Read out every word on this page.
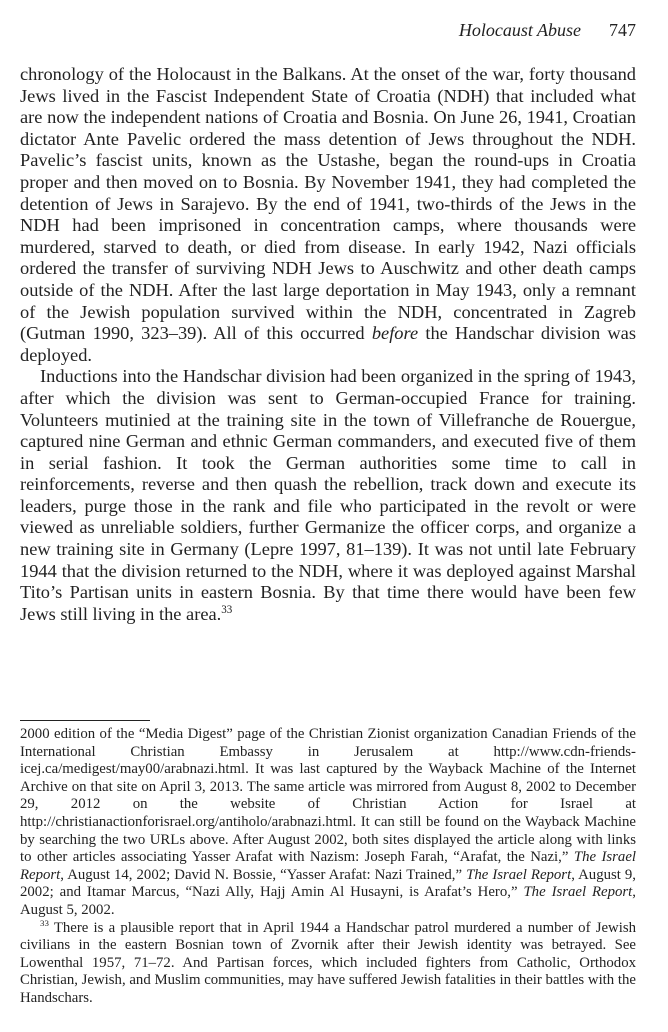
Holocaust Abuse 747

chronology of the Holocaust in the Balkans. At the onset of the war, forty thousand Jews lived in the Fascist Independent State of Croatia (NDH) that included what are now the independent nations of Croatia and Bosnia. On June 26, 1941, Croatian dictator Ante Pavelic ordered the mass detention of Jews throughout the NDH. Pavelic’s fascist units, known as the Ustashe, began the round-ups in Croatia proper and then moved on to Bosnia. By November 1941, they had completed the detention of Jews in Sarajevo. By the end of 1941, two-thirds of the Jews in the NDH had been imprisoned in concentration camps, where thousands were murdered, starved to death, or died from disease. In early 1942, Nazi officials ordered the transfer of surviving NDH Jews to Auschwitz and other death camps outside of the NDH. After the last large deportation in May 1943, only a remnant of the Jewish population survived within the NDH, concentrated in Zagreb (Gutman 1990, 323–39). All of this occurred before the Handschar division was deployed.

Inductions into the Handschar division had been organized in the spring of 1943, after which the division was sent to German-occupied France for training. Volunteers mutinied at the training site in the town of Villefranche de Rouergue, captured nine German and ethnic German commanders, and executed five of them in serial fashion. It took the German authorities some time to call in reinforcements, reverse and then quash the rebellion, track down and execute its leaders, purge those in the rank and file who participated in the revolt or were viewed as unreliable soldiers, further Germanize the officer corps, and organize a new training site in Germany (Lepre 1997, 81–139). It was not until late February 1944 that the division returned to the NDH, where it was deployed against Marshal Tito’s Partisan units in eastern Bosnia. By that time there would have been few Jews still living in the area.$^{33}$

2000 edition of the “Media Digest” page of the Christian Zionist organization Canadian Friends of the International Christian Embassy in Jerusalem at http://www.cdn-friends-icej.ca/medigest/may00/arabnazi.html. It was last captured by the Wayback Machine of the Internet Archive on that site on April 3, 2013. The same article was mirrored from August 8, 2002 to December 29, 2012 on the website of Christian Action for Israel at http://christianactionforisrael.org/antiholo/arabnazi.html. It can still be found on the Wayback Machine by searching the two URLs above. After August 2002, both sites displayed the article along with links to other articles associating Yasser Arafat with Nazism: Joseph Farah, “Arafat, the Nazi,” The Israel Report, August 14, 2002; David N. Bossie, “Yasser Arafat: Nazi Trained,” The Israel Report, August 9, 2002; and Itamar Marcus, “Nazi Ally, Hajj Amin Al Husayni, is Arafat’s Hero,” The Israel Report, August 5, 2002.

$^{33}$ There is a plausible report that in April 1944 a Handschar patrol murdered a number of Jewish civilians in the eastern Bosnian town of Zvornik after their Jewish identity was betrayed. See Lowenthal 1957, 71–72. And Partisan forces, which included fighters from Catholic, Orthodox Christian, Jewish, and Muslim communities, may have suffered Jewish fatalities in their battles with the Handschars.
